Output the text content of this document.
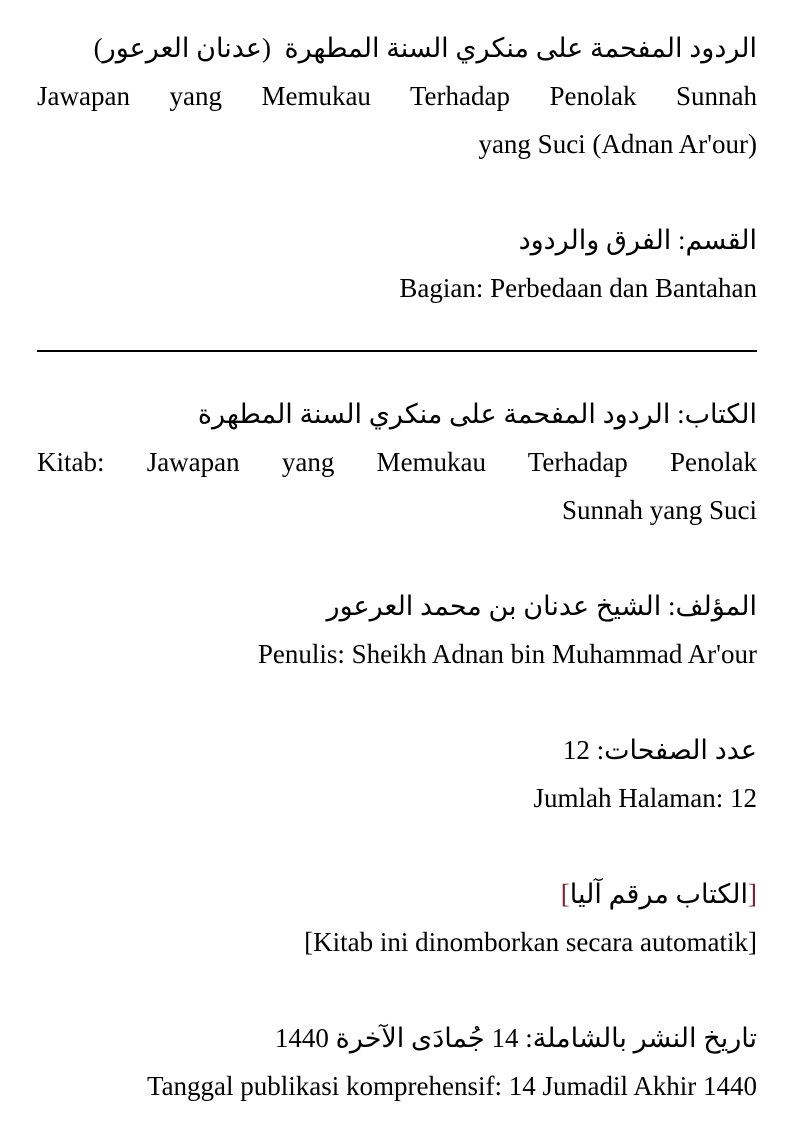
الردود المفحمة على منكري السنة المطهرة  (عدنان العرعور)
Jawapan yang Memukau Terhadap Penolak Sunnah
yang Suci (Adnan Ar'our)
القسم: الفرق والردود
Bagian: Perbedaan dan Bantahan
الكتاب: الردود المفحمة على منكري السنة المطهرة
Kitab: Jawapan yang Memukau Terhadap Penolak
Sunnah yang Suci
المؤلف: الشيخ عدنان بن محمد العرعور
Penulis: Sheikh Adnan bin Muhammad Ar'our
عدد الصفحات: 12
Jumlah Halaman: 12
[الكتاب مرقم آليا]
[Kitab ini dinomborkan secara automatik]
تاريخ النشر بالشاملة: 14 جُمادَى الآخرة 1440
Tanggal publikasi komprehensif: 14 Jumadil Akhir 1440
